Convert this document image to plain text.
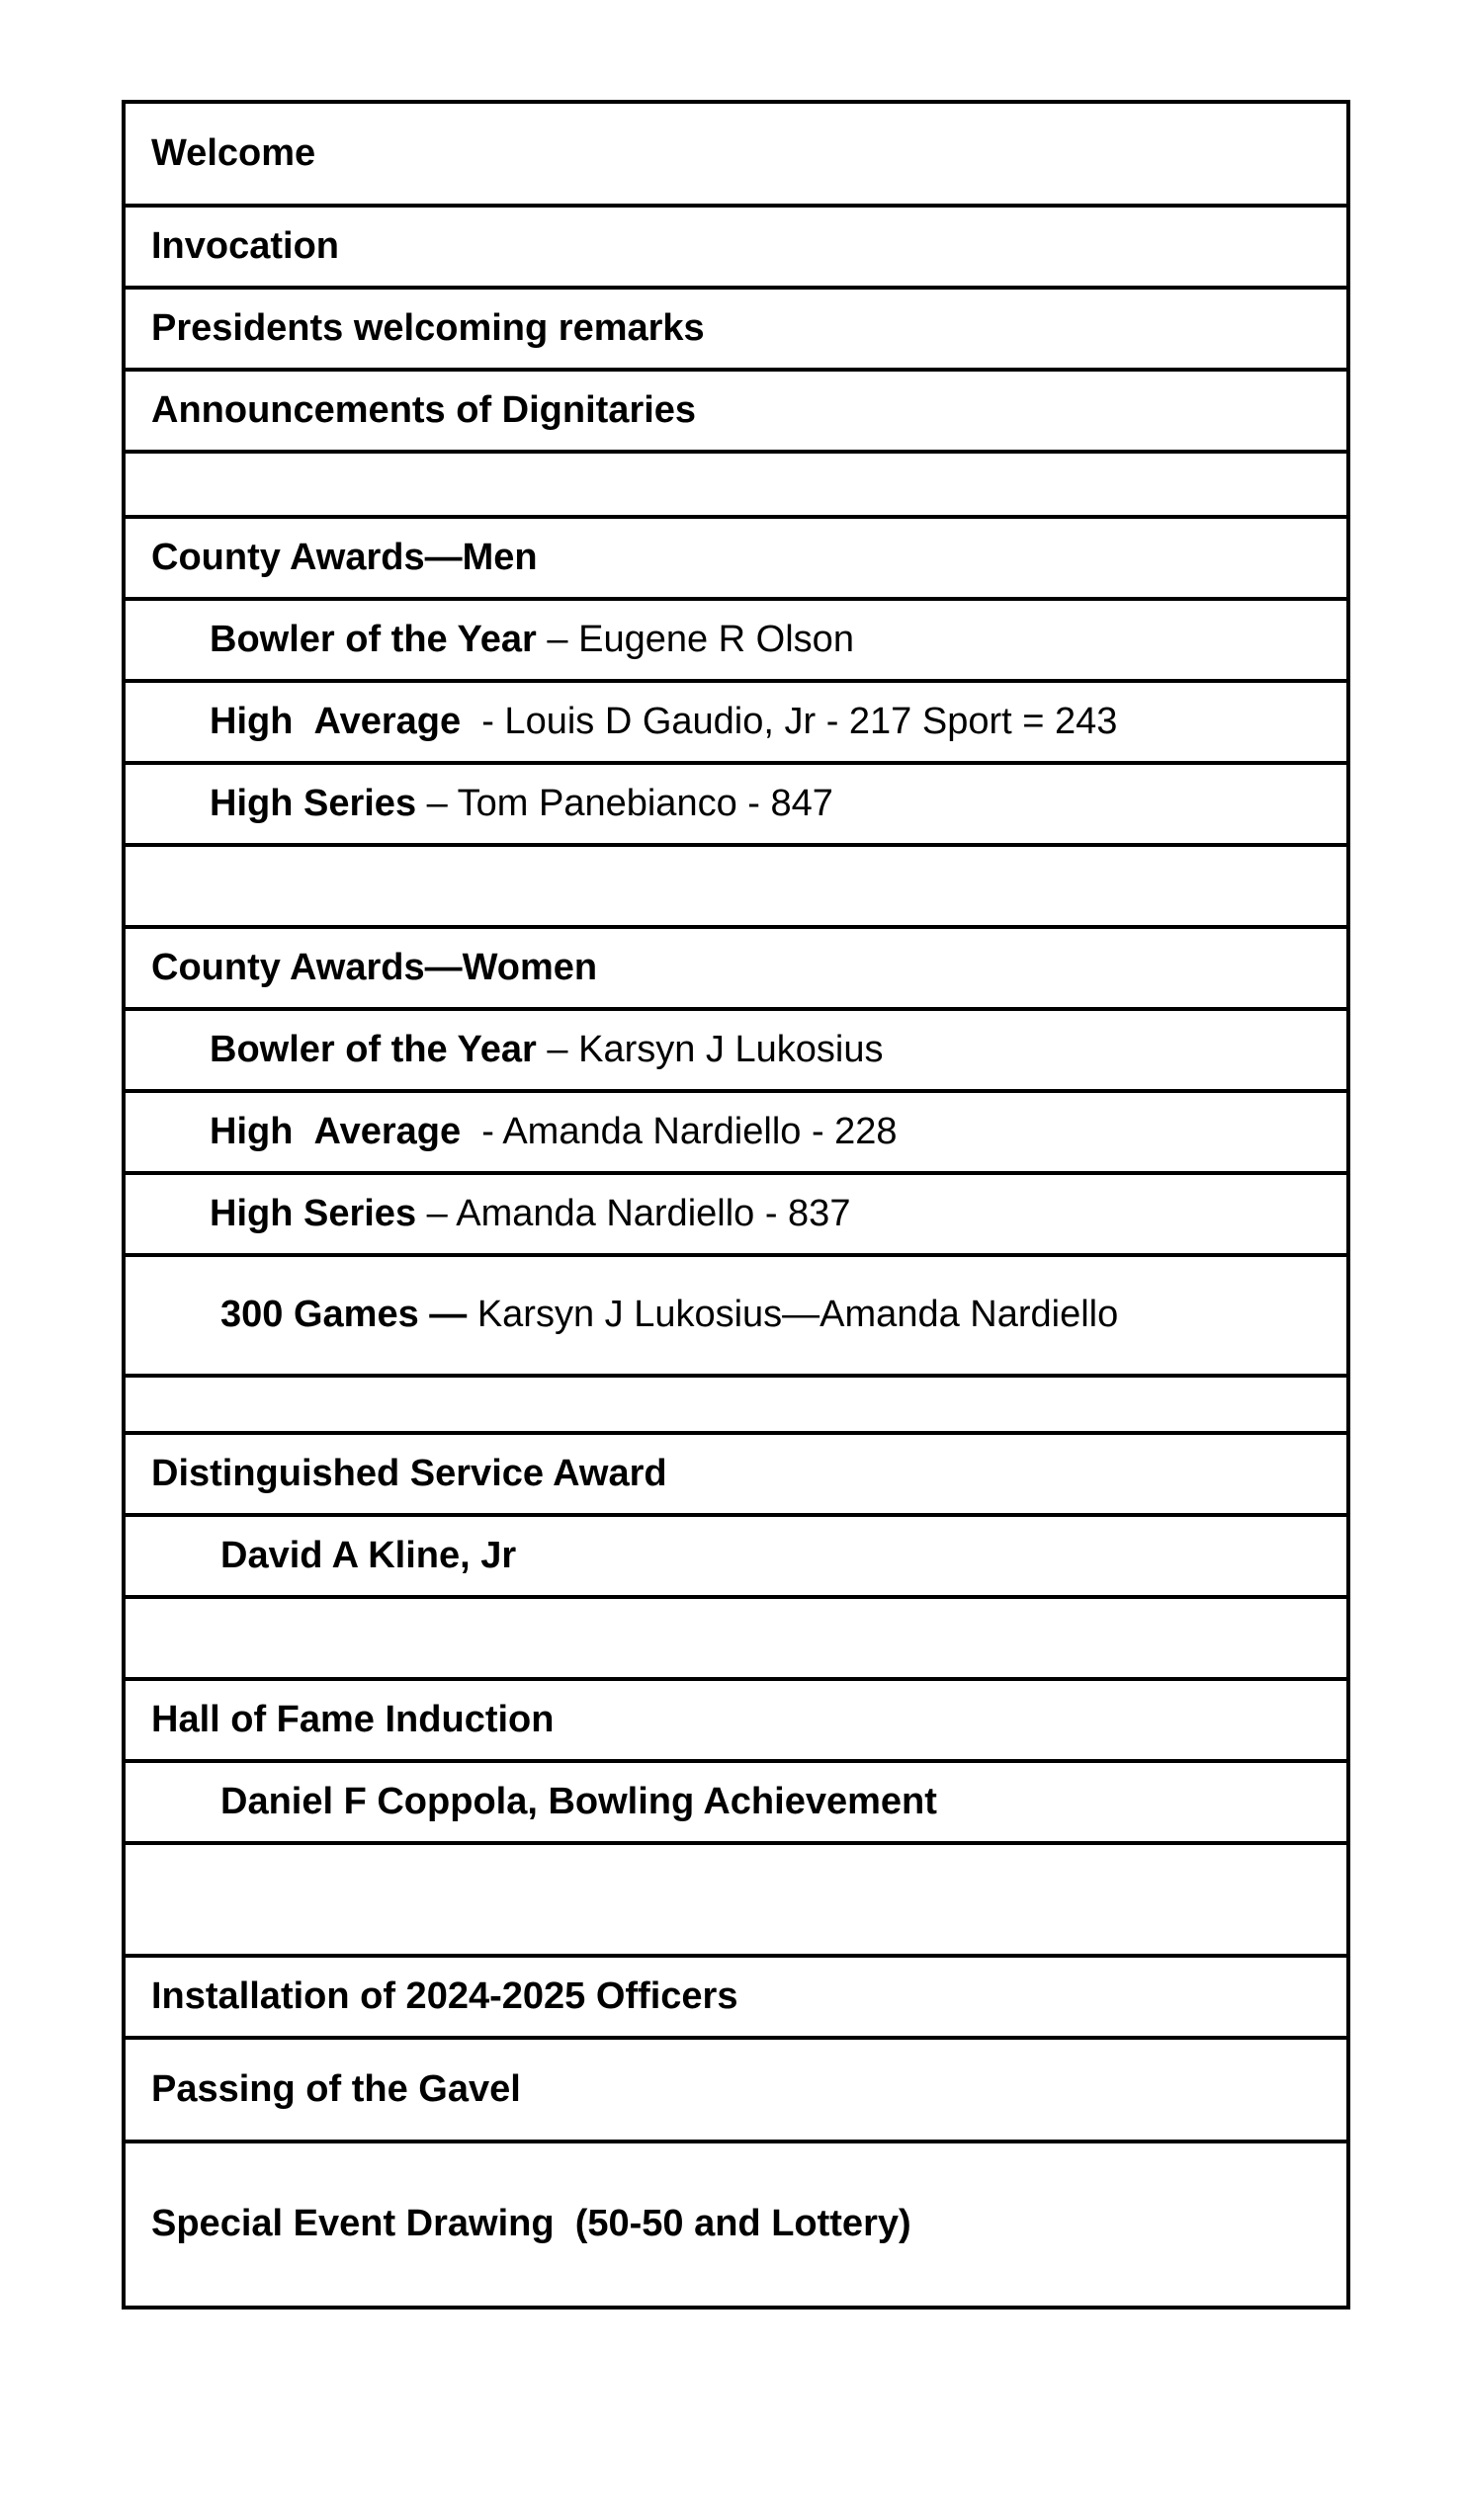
Welcome
Invocation
Presidents welcoming remarks
Announcements of Dignitaries

County Awards—Men
Bowler of the Year – Eugene R Olson
High  Average  - Louis D Gaudio, Jr - 217 Sport = 243
High Series – Tom Panebianco - 847

County Awards—Women
Bowler of the Year – Karsyn J Lukosius
High  Average  - Amanda Nardiello - 228
High Series – Amanda Nardiello - 837
300 Games — Karsyn J Lukosius—Amanda Nardiello

Distinguished Service Award
David A Kline, Jr

Hall of Fame Induction
Daniel F Coppola, Bowling Achievement

Installation of 2024-2025 Officers
Passing of the Gavel
Special Event Drawing  (50-50 and Lottery)
